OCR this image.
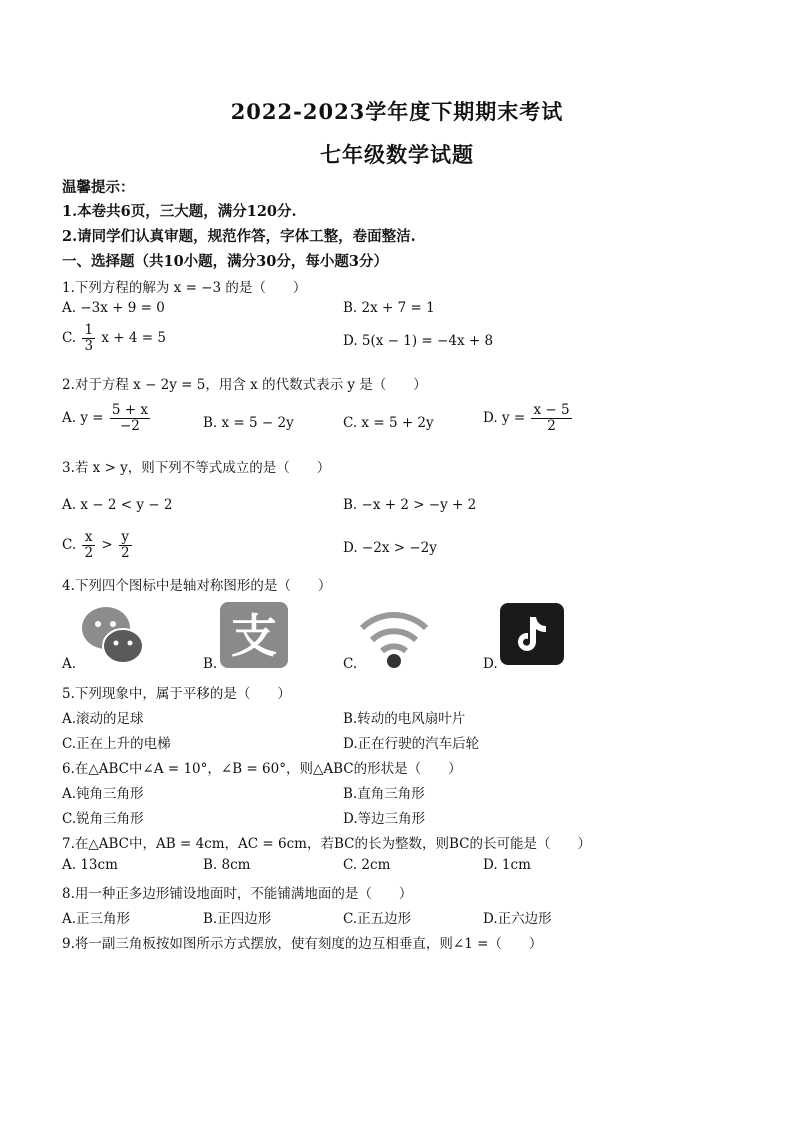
2022-2023学年度下期期末考试
七年级数学试题
温馨提示：
1.本卷共6页，三大题，满分120分.
2.请同学们认真审题，规范作答，字体工整，卷面整洁.
一、选择题（共10小题，满分30分，每小题3分）
1.下列方程的解为 x = −3 的是（　　）
A. −3x + 9 = 0	B. 2x + 7 = 1
C. $\frac{1}{3}$ x + 4 = 5	D. 5(x − 1) = −4x + 8
2.对于方程 x − 2y = 5，用含 x 的代数式表示 y 是（　　）
A. $y = \frac{5 + x}{-2}$	B. x = 5 − 2y	C. x = 5 + 2y	D. $y = \frac{x - 5}{2}$
3.若 x > y，则下列不等式成立的是（　　）
A. x − 2 < y − 2	B. −x + 2 > −y + 2
C. $\frac{x}{2} > \frac{y}{2}$	D. −2x > −2y
4.下列四个图标中是轴对称图形的是（　　）
支
A.	B.	C.	D.
5.下列现象中，属于平移的是（　　）
A.滚动的足球	B.转动的电风扇叶片
C.正在上升的电梯	D.正在行驶的汽车后轮
6.在△ABC中∠A = 10°，∠B = 60°，则△ABC的形状是（　　）
A.钝角三角形	B.直角三角形
C.锐角三角形	D.等边三角形
7.在△ABC中，AB = 4cm，AC = 6cm，若BC的长为整数，则BC的长可能是（　　）
A. 13cm	B. 8cm	C. 2cm	D. 1cm
8.用一种正多边形铺设地面时，不能铺满地面的是（　　）
A.正三角形	B.正四边形	C.正五边形	D.正六边形
9.将一副三角板按如图所示方式摆放，使有刻度的边互相垂直，则∠1 =（　　）
